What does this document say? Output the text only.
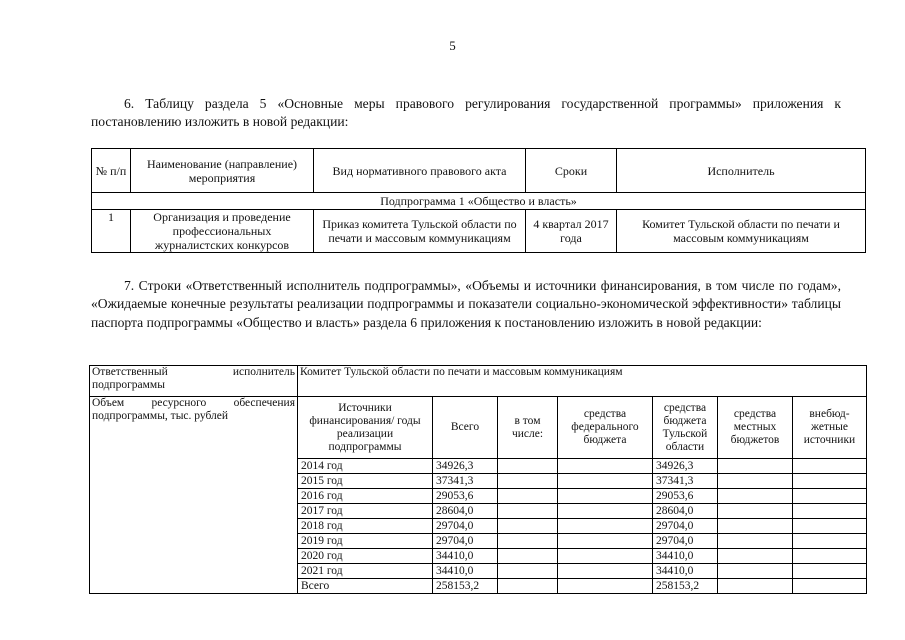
5

6. Таблицу раздела 5 «Основные меры правового регулирования государственной программы» приложения к постановлению изложить в новой редакции:

№ п/п	Наименование (направление) мероприятия	Вид нормативного правового акта	Сроки	Исполнитель
Подпрограмма 1 «Общество и власть»				
1	Организация и проведение профессиональных журналистских конкурсов	Приказ комитета Тульской области по печати и массовым коммуникациям	4 квартал 2017 года	Комитет Тульской области по печати и массовым коммуникациям

7. Строки «Ответственный исполнитель подпрограммы», «Объемы и источники финансирования, в том числе по годам», «Ожидаемые конечные результаты реализации подпрограммы и показатели социально-экономической эффективности» таблицы паспорта подпрограммы «Общество и власть» раздела 6 приложения к постановлению изложить в новой редакции:

Ответственный исполнитель подпрограммы	Комитет Тульской области по печати и массовым коммуникациям						
Объем ресурсного обеспечения подпрограммы, тыс. рублей	Источники финансирования/ годы реализации подпрограммы	Всего	в том числе:	средства федерального бюджета	средства бюджета Тульской области	средства местных бюджетов	внебюд-жетные источники
	2014 год	34926,3			34926,3		
	2015 год	37341,3			37341,3		
	2016 год	29053,6			29053,6		
	2017 год	28604,0			28604,0		
	2018 год	29704,0			29704,0		
	2019 год	29704,0			29704,0		
	2020 год	34410,0			34410,0		
	2021 год	34410,0			34410,0		
	Всего	258153,2			258153,2		
